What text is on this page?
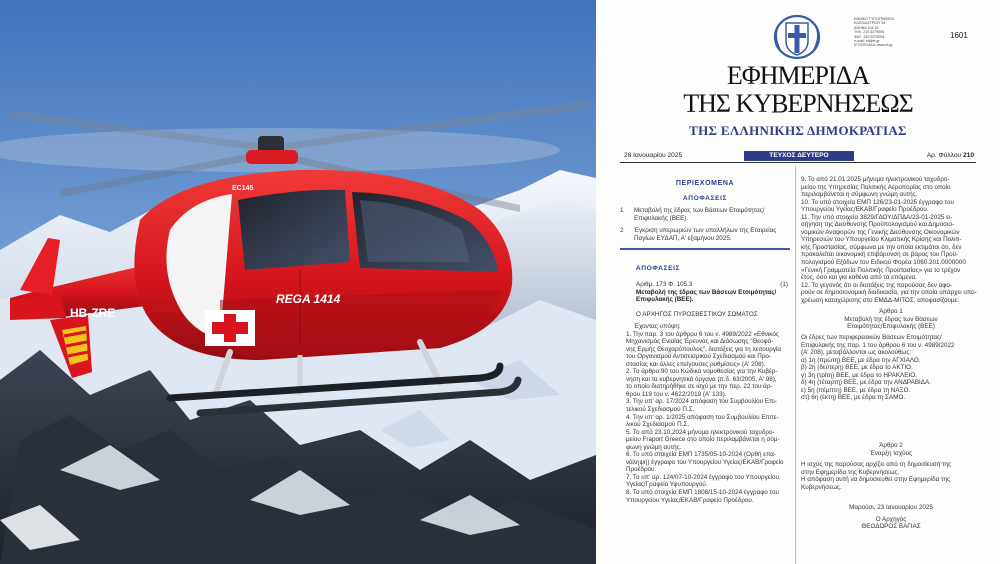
HB-ZRE
REGA 1414
EC145
ΕΘΝΙΚΟ ΤΥΠΟΓΡΑΦΕΙΟ
ΚΑΠΟΔΙΣΤΡΙΟΥ 34
ΑΘΗΝΑ 104 32
ΤΗΛ. 210 5279000
ΦΑΞ. 210 5279054
e-mail: et@et.gr
ΙΣΤΟΣΕΛΙΔΑ: www.et.gr
1601
ΕΦΗΜΕΡΙΔΑ
ΤΗΣ ΚΥΒΕΡΝΗΣΕΩΣ
ΤΗΣ ΕΛΛΗΝΙΚΗΣ ΔΗΜΟΚΡΑΤΙΑΣ
28 Ιανουαρίου 2025	ΤΕΥΧΟΣ ΔΕΥΤΕΡΟ	Αρ. Φύλλου 210
ΠΕΡΙΕΧΟΜΕΝΑ
ΑΠΟΦΑΣΕΙΣ
1 Μεταβολή της έδρας των Βάσεων Ετοιμότητας/
Επιφυλακής (ΒΕΕ).
2 Έγκριση υπερωριών των υπαλλήλων της Εταιρείας
Παγίων ΕΥΔΑΠ, Α' εξαμήνου 2025.
ΑΠΟΦΑΣΕΙΣ
Αριθμ. 173 Φ. 105.3	(1)
Μεταβολή της έδρας των Βάσεων Ετοιμότητας/
Επιφυλακής (ΒΕΕ).
Ο ΑΡΧΗΓΟΣ ΠΥΡΟΣΒΕΣΤΙΚΟΥ ΣΩΜΑΤΟΣ
Έχοντας υπόψη:
1. Την παρ. 3 του άρθρου 6 του ν. 4989/2022 «Εθνικός
Μηχανισμός Ενιαίας Έρευνας και Διάσωσης "Θεοφά-
νης Ερμής Θεοχαρόπουλος", διατάξεις για τη λειτουργία
του Οργανισμού Αντισεισμικού Σχεδιασμού και Προ-
στασίας και άλλες επείγουσες ρυθμίσεις» (Α' 208).
2. Το άρθρο 90 του Κώδικα νομοθεσίας για την Κυβέρ-
νηση και τα κυβερνητικά όργανα (π.δ. 63/2005, Α' 98),
το οποίο διατηρήθηκε σε ισχύ με την περ. 22 του άρ-
θρου 119 του ν. 4622/2019 (Α' 133).
3. Την υπ' αρ. 17/2024 απόφαση του Συμβουλίου Επι-
τελικού Σχεδιασμού Π.Σ.
4. Την υπ' αρ. 1/2025 απόφαση του Συμβουλίου Επιτε-
λικού Σχεδιασμού Π.Σ.
5. Το από 23.10.2024 μήνυμα ηλεκτρονικού ταχυδρο-
μείου Fraport Greece στο οποίο περιλαμβάνεται η σύμ-
φωνη γνώμη αυτής.
6. Το υπό στοιχεία ΕΜΠ 1735/05-10-2024 (Ορθή επα-
νάληψη) έγγραφο του Υπουργείου Υγείας/ΕΚΑΒ/Γραφείο
Προέδρου.
7. Το υπ' αρ. 124/07-10-2024 έγγραφο του Υπουργείου
Υγείας/Γραφείο Υφυπουργού.
8. Το υπό στοιχεία ΕΜΠ 1808/15-10-2024 έγγραφο του
Υπουργείου Υγείας/ΕΚΑΒ/Γραφείο Προέδρου.
9. Το από 21.01.2025 μήνυμα ηλεκτρονικού ταχυδρο-
μείου της Υπηρεσίας Πολιτικής Αεροπορίας στο οποίο
περιλαμβάνεται η σύμφωνη γνώμη αυτής.
10. Το υπό στοιχεία ΕΜΠ 126/23-01-2025 έγγραφο του
Υπουργείου Υγείας/ΕΚΑΒ/Γραφείο Προέδρου.
11. Την υπό στοιχεία 3829/ΓΔΟΥ/ΔΠΔΑ/23-01-2025 ει-
σήγηση της Διεύθυνσης Προϋπολογισμού και Δημοσιο-
νομικών Αναφορών της Γενικής Διεύθυνσης Οικονομικών
Υπηρεσιών του Υπουργείου Κλιματικής Κρίσης και Πολιτι-
κής Προστασίας, σύμφωνα με την οποία εκτιμάται ότι, δεν
προκαλείται οικονομική επιβάρυνση σε βάρος του Προϋ-
πολογισμού Εξόδων του Ειδικού Φορέα 1060.201.0000000
«Γενική Γραμματεία Πολιτικής Προστασίας» για το τρέχον
έτος, όσο και για καθένα από τα επόμενα.
12. Το γεγονός ότι οι διατάξεις της παρούσας δεν αφο-
ρούν σε δημοσιονομική διαδικασία, για την οποία υπάρχει υπο-
χρέωση καταχώρισης στο ΕΜΔΔ-ΜΙΤΟΣ, αποφασίζουμε:
Άρθρο 1
Μεταβολή της έδρας των Βάσεων
Ετοιμότητας/Επιφυλακής (ΒΕΕ)
Οι έδρες των περιφερειακών Βάσεων Ετοιμότητας/
Επιφυλακής της παρ. 1 του άρθρου 6 του ν. 4989/2022
(Α' 208), μεταβάλλονται ως ακολούθως:
α) 1η (πρώτη) ΒΕΕ, με έδρα την ΑΓΧΙΑΛΟ.
β) 2η (δεύτερη) ΒΕΕ, με έδρα το ΑΚΤΙΟ.
γ) 3η (τρίτη) ΒΕΕ, με έδρα το ΗΡΑΚΛΕΙΟ.
δ) 4η (τέταρτη) ΒΕΕ, με έδρα την ΑΝΔΡΑΒΙΔΑ.
ε) 5η (πέμπτη) ΒΕΕ, με έδρα τη ΝΑΞΟ.
στ) 6η (έκτη) ΒΕΕ, με έδρα τη ΣΑΜΟ.
Άρθρο 2
Έναρξη Ισχύος
Η ισχύς της παρούσας αρχίζει από τη δημοσίευσή της
στην Εφημερίδα της Κυβερνήσεως.
Η απόφαση αυτή να δημοσιευθεί στην Εφημερίδα της
Κυβερνήσεως.
Μαρούσι, 23 Ιανουαρίου 2025
Ο Αρχηγός
ΘΕΟΔΩΡΟΣ ΒΑΓΙΑΣ
